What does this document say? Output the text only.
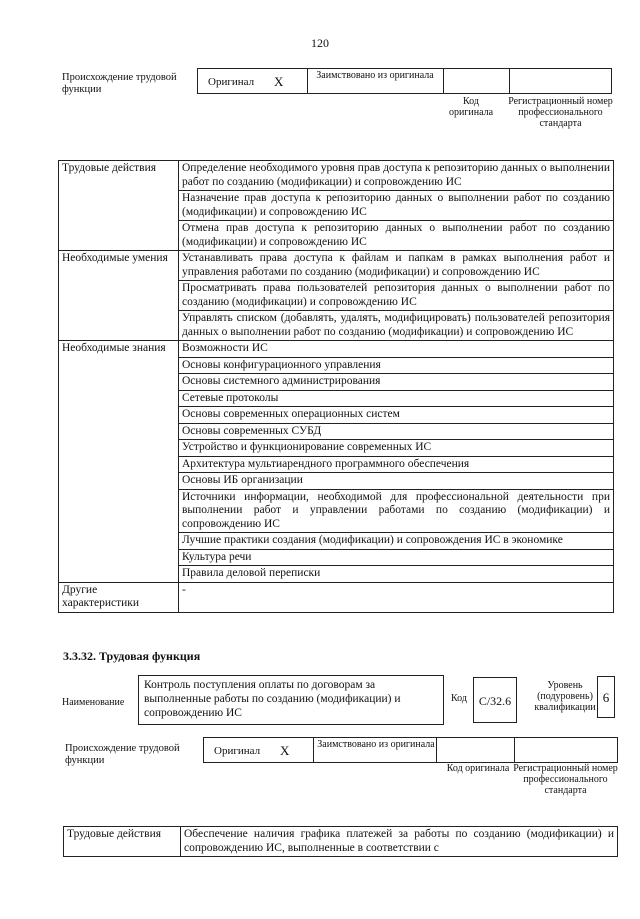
120
Происхождение трудовой функции
Оригинал X	Заимствовано из оригинала
Код оригинала
Регистрационный номер профессионального стандарта
Трудовые действия	Определение необходимого уровня прав доступа к репозиторию данных о выполнении работ по созданию (модификации) и сопровождению ИС
	Назначение прав доступа к репозиторию данных о выполнении работ по созданию (модификации) и сопровождению ИС
	Отмена прав доступа к репозиторию данных о выполнении работ по созданию (модификации) и сопровождению ИС
Необходимые умения	Устанавливать права доступа к файлам и папкам в рамках выполнения работ и управления работами по созданию (модификации) и сопровождению ИС
	Просматривать права пользователей репозитория данных о выполнении работ по созданию (модификации) и сопровождению ИС
	Управлять списком (добавлять, удалять, модифицировать) пользователей репозитория данных о выполнении работ по созданию (модификации) и сопровождению ИС
Необходимые знания	Возможности ИС
	Основы конфигурационного управления
	Основы системного администрирования
	Сетевые протоколы
	Основы современных операционных систем
	Основы современных СУБД
	Устройство и функционирование современных ИС
	Архитектура мультиарендного программного обеспечения
	Основы ИБ организации
	Источники информации, необходимой для профессиональной деятельности при выполнении работ и управлении работами по созданию (модификации) и сопровождению ИС
	Лучшие практики создания (модификации) и сопровождения ИС в экономике
	Культура речи
	Правила деловой переписки
Другие характеристики	-
3.3.32. Трудовая функция
Наименование
Контроль поступления оплаты по договорам за выполненные работы по созданию (модификации) и сопровождению ИС
Код C/32.6
Уровень (подуровень) квалификации
6
Происхождение трудовой функции
Оригинал X	Заимствовано из оригинала
Код оригинала Регистрационный номер профессионального стандарта
Трудовые действия	Обеспечение наличия графика платежей за работы по созданию (модификации) и сопровождению ИС, выполненные в соответствии с
